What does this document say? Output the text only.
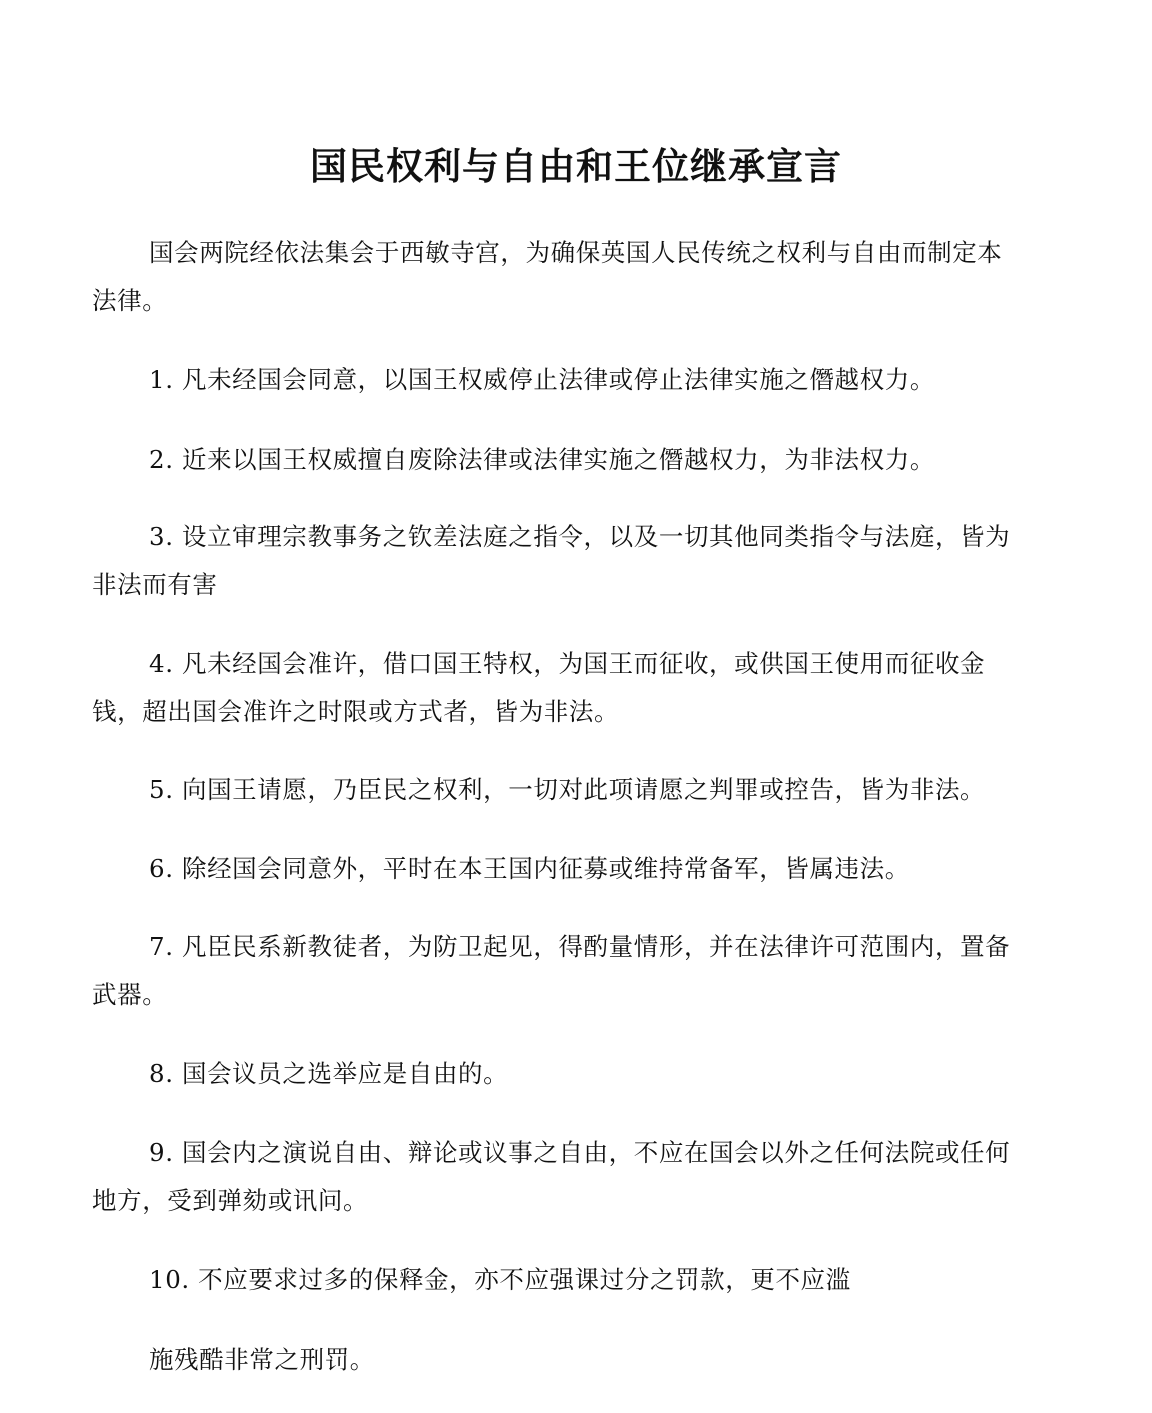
国民权利与自由和王位继承宣言

国会两院经依法集会于西敏寺宫，为确保英国人民传统之权利与自由而制定本法律。

1. 凡未经国会同意，以国王权威停止法律或停止法律实施之僭越权力。

2. 近来以国王权威擅自废除法律或法律实施之僭越权力，为非法权力。

3. 设立审理宗教事务之钦差法庭之指令，以及一切其他同类指令与法庭，皆为非法而有害

4. 凡未经国会准许，借口国王特权，为国王而征收，或供国王使用而征收金钱，超出国会准许之时限或方式者，皆为非法。

5. 向国王请愿，乃臣民之权利，一切对此项请愿之判罪或控告，皆为非法。

6. 除经国会同意外，平时在本王国内征募或维持常备军，皆属违法。

7. 凡臣民系新教徒者，为防卫起见，得酌量情形，并在法律许可范围内，置备武器。

8. 国会议员之选举应是自由的。

9. 国会内之演说自由、辩论或议事之自由，不应在国会以外之任何法院或任何地方，受到弹劾或讯问。

10. 不应要求过多的保释金，亦不应强课过分之罚款，更不应滥

施残酷非常之刑罚。
